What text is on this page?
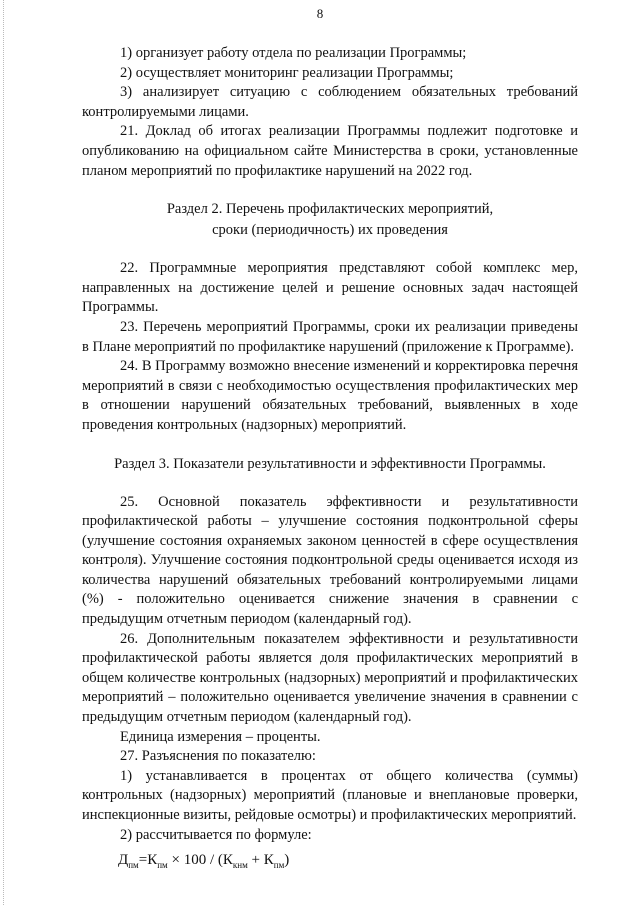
8

1) организует работу отдела по реализации Программы;

2) осуществляет мониторинг реализации Программы;

3) анализирует ситуацию с соблюдением обязательных требований контролируемыми лицами.

21. Доклад об итогах реализации Программы подлежит подготовке и опубликованию на официальном сайте Министерства в сроки, установленные планом мероприятий по профилактике нарушений на 2022 год.

Раздел 2. Перечень профилактических мероприятий,
сроки (периодичность) их проведения

22. Программные мероприятия представляют собой комплекс мер, направленных на достижение целей и решение основных задач настоящей Программы.

23. Перечень мероприятий Программы, сроки их реализации приведены в Плане мероприятий по профилактике нарушений (приложение к Программе).

24. В Программу возможно внесение изменений и корректировка перечня мероприятий в связи с необходимостью осуществления профилактических мер в отношении нарушений обязательных требований, выявленных в ходе проведения контрольных (надзорных) мероприятий.

Раздел 3. Показатели результативности и эффективности Программы.

25. Основной показатель эффективности и результативности профилактической работы – улучшение состояния подконтрольной сферы (улучшение состояния охраняемых законом ценностей в сфере осуществления контроля). Улучшение состояния подконтрольной среды оценивается исходя из количества нарушений обязательных требований контролируемыми лицами (%) - положительно оценивается снижение значения в сравнении с предыдущим отчетным периодом (календарный год).

26. Дополнительным показателем эффективности и результативности профилактической работы является доля профилактических мероприятий в общем количестве контрольных (надзорных) мероприятий и профилактических мероприятий – положительно оценивается увеличение значения в сравнении с предыдущим отчетным периодом (календарный год).

Единица измерения – проценты.

27. Разъяснения по показателю:

1) устанавливается в процентах от общего количества (суммы) контрольных (надзорных) мероприятий (плановые и внеплановые проверки, инспекционные визиты, рейдовые осмотры) и профилактических мероприятий.

2) рассчитывается по формуле:

$Д_{пм}=К_{пм} \times 100 / (К_{кнм} + К_{пм})$
